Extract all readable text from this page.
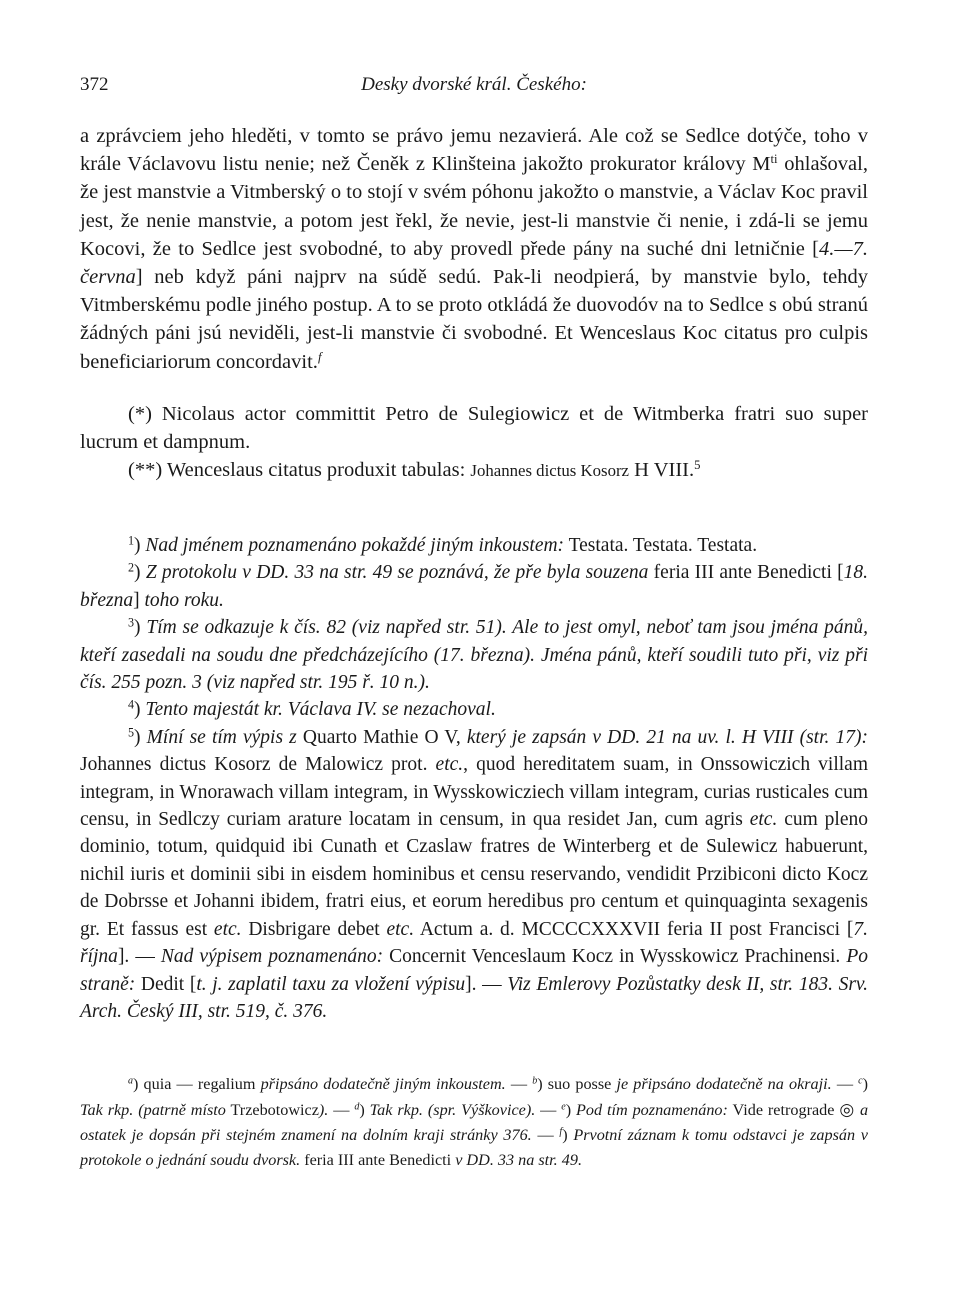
372	Desky dvorské král. Českého:

a zprávciem jeho hleděti, v tomto se právo jemu nezavierá. Ale což se Sedlce dotýče, toho v krále Václavovu listu nenie; než Čeněk z Klinšteina jakožto prokurator královy $M^{ti}$ ohlašoval, že jest manstvie a Vitmberský o to stojí v svém póhonu jakožto o manstvie, a Václav Koc pravil jest, že nenie manstvie, a potom jest řekl, že nevie, jest-li manstvie či nenie, i zdá-li se jemu Kocovi, že to Sedlce jest svobodné, to aby provedl přede pány na suché dni letničnie [4.—7. června] neb když páni najprv na súdě sedú. Pak-li neodpierá, by manstvie bylo, tehdy Vitmberskému podle jiného postup. A to se proto otkládá že duovodóv na to Sedlce s obú stranú žádných páni jsú neviděli, jest-li manstvie či svobodné. Et Wenceslaus Koc citatus pro culpis beneficiariorum concordavit.$^f$

(*) Nicolaus actor committit Petro de Sulegiowicz et de Witmberka fratri suo super lucrum et dampnum.

(**) Wenceslaus citatus produxit tabulas: Johannes dictus Kosorz H VIII.$^5$

$^1$) Nad jménem poznamenáno pokaždé jiným inkoustem: Testata. Testata. Testata.

$^2$) Z protokolu v DD. 33 na str. 49 se poznává, že pře byla souzena feria III ante Benedicti [18. března] toho roku.

$^3$) Tím se odkazuje k čís. 82 (viz napřed str. 51). Ale to jest omyl, neboť tam jsou jména pánů, kteří zasedali na soudu dne předcházejícího (17. března). Jména pánů, kteří soudili tuto při, viz při čís. 255 pozn. 3 (viz napřed str. 195 ř. 10 n.).

$^4$) Tento majestát kr. Václava IV. se nezachoval.

$^5$) Míní se tím výpis z Quarto Mathie O V, který je zapsán v DD. 21 na uv. l. H VIII (str. 17): Johannes dictus Kosorz de Malowicz prot. etc., quod hereditatem suam, in Onssowiczich villam integram, in Wnorawach villam integram, in Wysskowicziech villam integram, curias rusticales cum censu, in Sedlczy curiam arature locatam in censum, in qua residet Jan, cum agris etc. cum pleno dominio, totum, quidquid ibi Cunath et Czaslaw fratres de Winterberg et de Sulewicz habuerunt, nichil iuris et dominii sibi in eisdem hominibus et censu reservando, vendidit Przibiconi dicto Kocz de Dobrsse et Johanni ibidem, fratri eius, et eorum heredibus pro centum et quinquaginta sexagenis gr. Et fassus est etc. Disbrigare debet etc. Actum a. d. MCCCCXXXVII feria II post Francisci [7. října]. — Nad výpisem poznamenáno: Concernit Venceslaum Kocz in Wysskowicz Prachinensi. Po straně: Dedit [t. j. zaplatil taxu za vložení výpisu]. — Viz Emlerovy Pozůstatky desk II, str. 183. Srv. Arch. Český III, str. 519, č. 376.

$^a$) quia — regalium připsáno dodatečně jiným inkoustem. — $^b$) suo posse je připsáno dodatečně na okraji. — $^c$) Tak rkp. (patrně místo Trzebotowicz). — $^d$) Tak rkp. (spr. Výškovice). — $^e$) Pod tím poznamenáno: Vide retrograde ◎ a ostatek je dopsán při stejném znamení na dolním kraji stránky 376. — $^f$) Prvotní záznam k tomu odstavci je zapsán v protokole o jednání soudu dvorsk. feria III ante Benedicti v DD. 33 na str. 49.
